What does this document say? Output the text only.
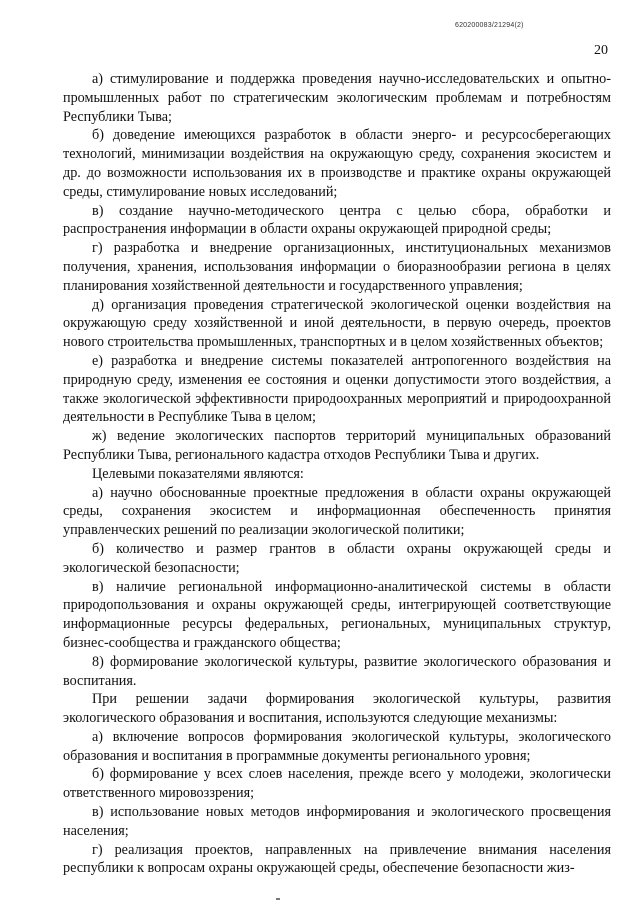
620200083/21294(2)
20

а) стимулирование и поддержка проведения научно-исследовательских и опытно-промышленных работ по стратегическим экологическим проблемам и потребностям Республики Тыва;

б) доведение имеющихся разработок в области энерго- и ресурсосберегающих технологий, минимизации воздействия на окружающую среду, сохранения экосистем и др. до возможности использования их в производстве и практике охраны окружающей среды, стимулирование новых исследований;

в) создание научно-методического центра с целью сбора, обработки и распространения информации в области охраны окружающей природной среды;

г) разработка и внедрение организационных, институциональных механизмов получения, хранения, использования информации о биоразнообразии региона в целях планирования хозяйственной деятельности и государственного управления;

д) организация проведения стратегической экологической оценки воздействия на окружающую среду хозяйственной и иной деятельности, в первую очередь, проектов нового строительства промышленных, транспортных и в целом хозяйственных объектов;

е) разработка и внедрение системы показателей антропогенного воздействия на природную среду, изменения ее состояния и оценки допустимости этого воздействия, а также экологической эффективности природоохранных мероприятий и природоохранной деятельности в Республике Тыва в целом;

ж) ведение экологических паспортов территорий муниципальных образований Республики Тыва, регионального кадастра отходов Республики Тыва и других.

Целевыми показателями являются:

а) научно обоснованные проектные предложения в области охраны окружающей среды, сохранения экосистем и информационная обеспеченность принятия управленческих решений по реализации экологической политики;

б) количество и размер грантов в области охраны окружающей среды и экологической безопасности;

в) наличие региональной информационно-аналитической системы в области природопользования и охраны окружающей среды, интегрирующей соответствующие информационные ресурсы федеральных, региональных, муниципальных структур, бизнес-сообщества и гражданского общества;

8) формирование экологической культуры, развитие экологического образования и воспитания.

При решении задачи формирования экологической культуры, развития экологического образования и воспитания, используются следующие механизмы:

а) включение вопросов формирования экологической культуры, экологического образования и воспитания в программные документы регионального уровня;

б) формирование у всех слоев населения, прежде всего у молодежи, экологически ответственного мировоззрения;

в) использование новых методов информирования и экологического просвещения населения;

г) реализация проектов, направленных на привлечение внимания населения республики к вопросам охраны окружающей среды, обеспечение безопасности жиз-
